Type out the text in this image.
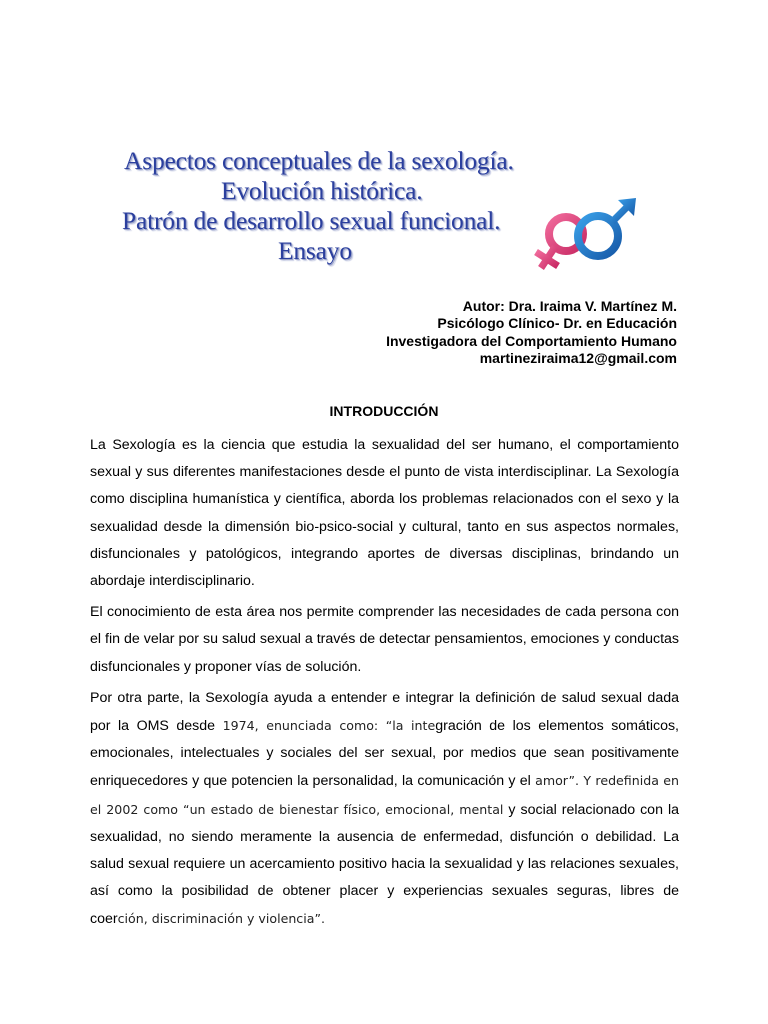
Aspectos conceptuales de la sexología.
Evolución histórica.
Patrón de desarrollo sexual funcional.
Ensayo
Autor: Dra. Iraima V. Martínez M.
Psicólogo Clínico- Dr. en Educación
Investigadora del Comportamiento Humano
martineziraima12@gmail.com
INTRODUCCIÓN

La Sexología es la ciencia que estudia la sexualidad del ser humano, el comportamiento sexual y sus diferentes manifestaciones desde el punto de vista interdisciplinar. La Sexología como disciplina humanística y científica, aborda los problemas relacionados con el sexo y la sexualidad desde la dimensión bio-psico-social y cultural, tanto en sus aspectos normales, disfuncionales y patológicos, integrando aportes de diversas disciplinas, brindando un abordaje interdisciplinario.

El conocimiento de esta área nos permite comprender las necesidades de cada persona con el fin de velar por su salud sexual a través de detectar pensamientos, emociones y conductas disfuncionales y proponer vías de solución.

Por otra parte, la Sexología ayuda a entender e integrar la definición de salud sexual dada por la OMS desde 1974, enunciada como: “la integración de los elementos somáticos, emocionales, intelectuales y sociales del ser sexual, por medios que sean positivamente enriquecedores y que potencien la personalidad, la comunicación y el amor”. Y redefinida en el 2002 como “un estado de bienestar físico, emocional, mental y social relacionado con la sexualidad, no siendo meramente la ausencia de enfermedad, disfunción o debilidad. La salud sexual requiere un acercamiento positivo hacia la sexualidad y las relaciones sexuales, así como la posibilidad de obtener placer y experiencias sexuales seguras, libres de coerción, discriminación y violencia”.
